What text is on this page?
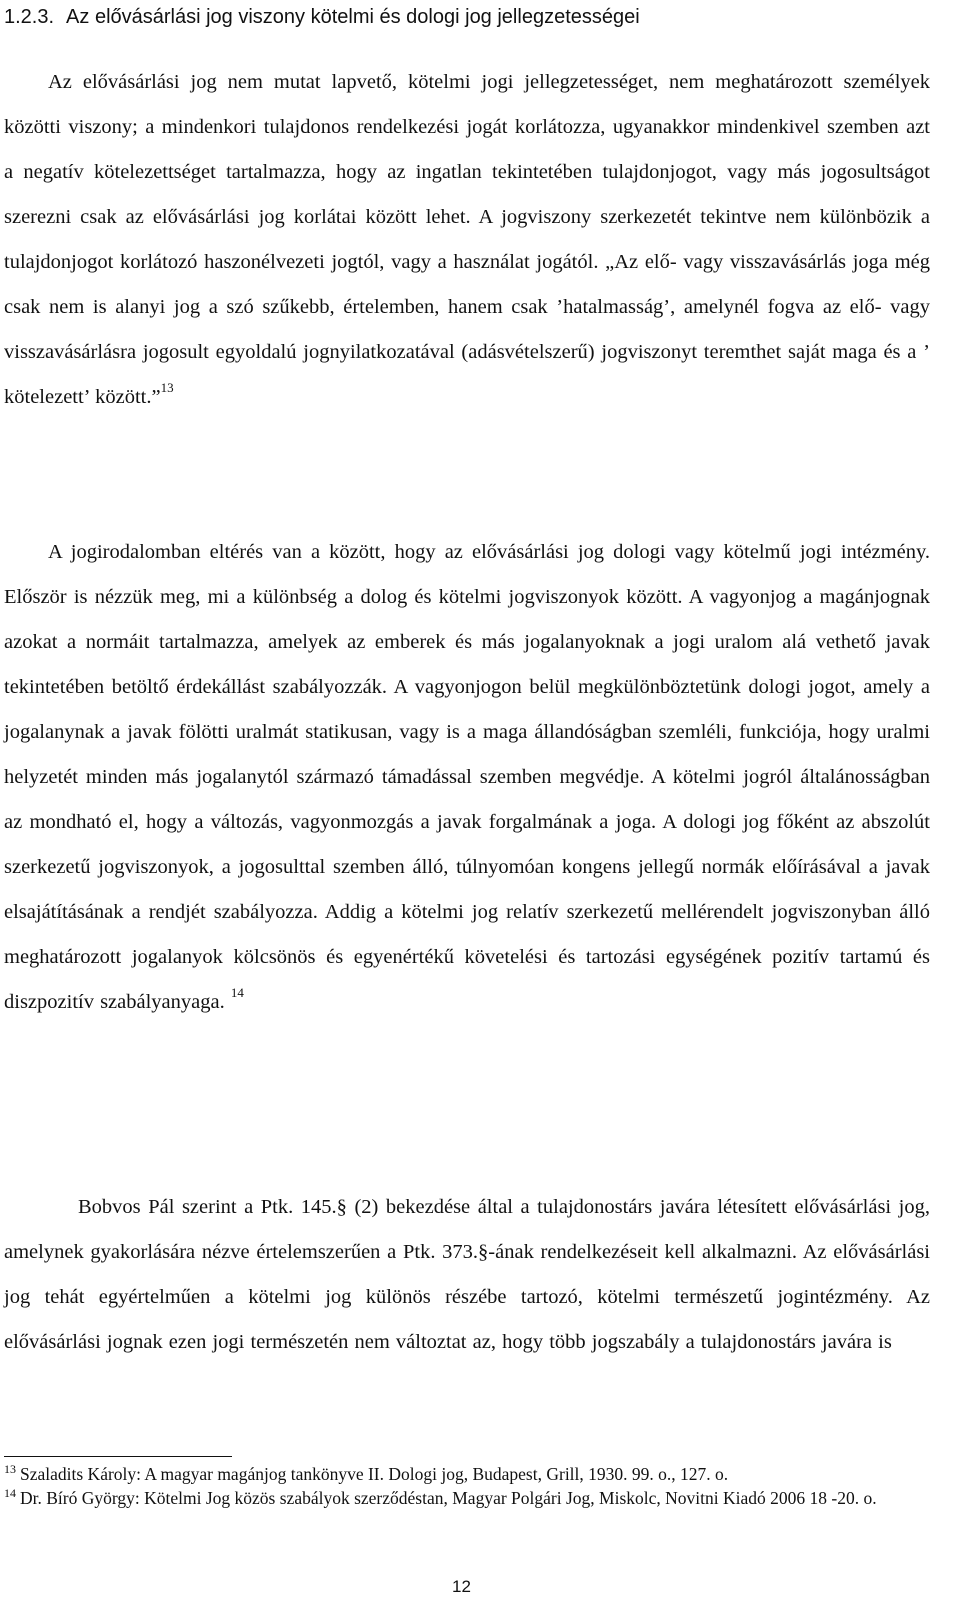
1.2.3. Az elővásárlási jog viszony kötelmi és dologi jog jellegzetességei

Az elővásárlási jog nem mutat lapvető, kötelmi jogi jellegzetességet, nem meghatározott személyek közötti viszony; a mindenkori tulajdonos rendelkezési jogát korlátozza, ugyanakkor mindenkivel szemben azt a negatív kötelezettséget tartalmazza, hogy az ingatlan tekintetében tulajdonjogot, vagy más jogosultságot szerezni csak az elővásárlási jog korlátai között lehet. A jogviszony szerkezetét tekintve nem különbözik a tulajdonjogot korlátozó haszonélvezeti jogtól, vagy a használat jogától. „Az elő- vagy visszavásárlás joga még csak nem is alanyi jog a szó szűkebb, értelemben, hanem csak ’hatalmasság’, amelynél fogva az elő- vagy visszavásárlásra jogosult egyoldalú jognyilatkozatával (adásvételszerű) jogviszonyt teremthet saját maga és a ’ kötelezett’ között.”$^{13}$

A jogirodalomban eltérés van a között, hogy az elővásárlási jog dologi vagy kötelmű jogi intézmény. Először is nézzük meg, mi a különbség a dolog és kötelmi jogviszonyok között. A vagyonjog a magánjognak azokat a normáit tartalmazza, amelyek az emberek és más jogalanyoknak a jogi uralom alá vethető javak tekintetében betöltő érdekállást szabályozzák. A vagyonjogon belül megkülönböztetünk dologi jogot, amely a jogalanynak a javak fölötti uralmát statikusan, vagy is a maga állandóságban szemléli, funkciója, hogy uralmi helyzetét minden más jogalanytól származó támadással szemben megvédje. A kötelmi jogról általánosságban az mondható el, hogy a változás, vagyonmozgás a javak forgalmának a joga. A dologi jog főként az abszolút szerkezetű jogviszonyok, a jogosulttal szemben álló, túlnyomóan kongens jellegű normák előírásával a javak elsajátításának a rendjét szabályozza. Addig a kötelmi jog relatív szerkezetű mellérendelt jogviszonyban álló meghatározott jogalanyok kölcsönös és egyenértékű követelési és tartozási egységének pozitív tartamú és diszpozitív szabályanyaga. $^{14}$

Bobvos Pál szerint a Ptk. 145.§ (2) bekezdése által a tulajdonostárs javára létesített elővásárlási jog, amelynek gyakorlására nézve értelemszerűen a Ptk. 373.§-ának rendelkezéseit kell alkalmazni. Az elővásárlási jog tehát egyértelműen a kötelmi jog különös részébe tartozó, kötelmi természetű jogintézmény. Az elővásárlási jognak ezen jogi természetén nem változtat az, hogy több jogszabály a tulajdonostárs javára is

13 Szaladits Károly: A magyar magánjog tankönyve II. Dologi jog, Budapest, Grill, 1930. 99. o., 127. o.

14 Dr. Bíró György: Kötelmi Jog közös szabályok szerződéstan, Magyar Polgári Jog, Miskolc, Novitni Kiadó 2006 18 -20. o.

12
